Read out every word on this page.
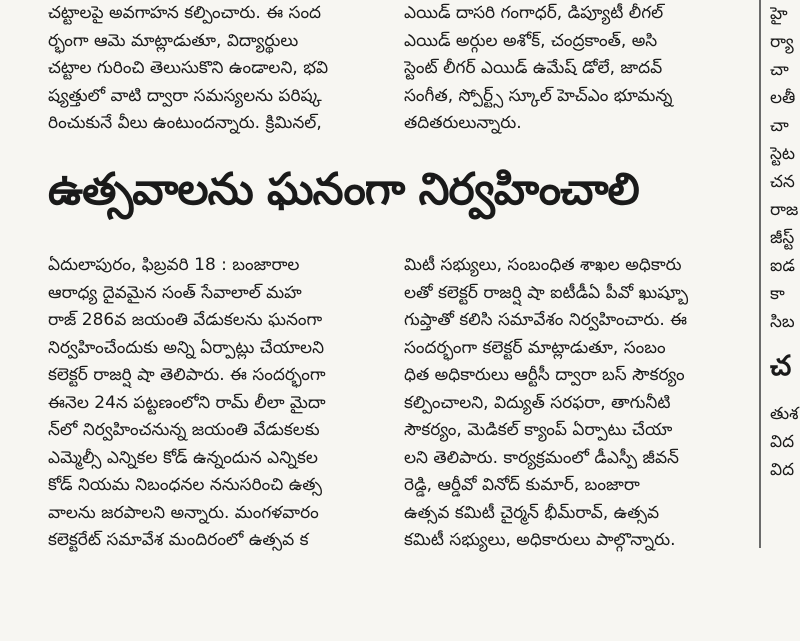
చట్టాలపై అవగాహన కల్పించారు. ఈ సంద

ర్భంగా ఆమె మాట్లాడుతూ, విద్యార్థులు

చట్టాల గురించి తెలుసుకొని ఉండాలని, భవి

ష్యత్తులో వాటి ద్వారా సమస్యలను పరిష్క

రించుకునే వీలు ఉంటుందన్నారు. క్రిమినల్,

ఎయిడ్ దాసరి గంగాధర్, డిప్యూటీ లీగల్

ఎయిడ్ అర్గుల అశోక్, చంద్రకాంత్, అసి

స్టెంట్ లీగర్ ఎయిడ్ ఉమేష్ డోలే, జాదవ్

సంగీత, స్పోర్ట్స్ స్కూల్ హెచ్ఎం భూమన్న

తదితరులున్నారు.

ఉత్సవాలను ఘనంగా నిర్వహించాలి

ఏదులాపురం, ఫిబ్రవరి 18 : బంజారాల

ఆరాధ్య దైవమైన సంత్ సేవాలాల్ మహ

రాజ్ 286వ జయంతి వేడుకలను ఘనంగా

నిర్వహించేందుకు అన్ని ఏర్పాట్లు చేయాలని

కలెక్టర్ రాజర్షి షా తెలిపారు. ఈ సందర్భంగా

ఈనెల 24న పట్టణంలోని రామ్ లీలా మైదా

న్‌లో నిర్వహించనున్న జయంతి వేడుకలకు

ఎమ్మెల్సీ ఎన్నికల కోడ్ ఉన్నందున ఎన్నికల

కోడ్ నియమ నిబంధనల ననుసరించి ఉత్స

వాలను జరపాలని అన్నారు. మంగళవారం

కలెక్టరేట్ సమావేశ మందిరంలో ఉత్సవ క

మిటీ సభ్యులు, సంబంధిత శాఖల అధికారు

లతో కలెక్టర్ రాజర్షి షా ఐటీడీఏ పీవో ఖుష్బూ

గుప్తాతో కలిసి సమావేశం నిర్వహించారు. ఈ

సందర్భంగా కలెక్టర్ మాట్లాడుతూ, సంబం

ధిత అధికారులు ఆర్టీసీ ద్వారా బస్ సౌకర్యం

కల్పించాలని, విద్యుత్ సరఫరా, తాగునీటి

సౌకర్యం, మెడికల్ క్యాంప్ ఏర్పాటు చేయా

లని తెలిపారు. కార్యక్రమంలో డీఎస్పీ జీవన్

రెడ్డి, ఆర్డీవో వినోద్ కుమార్, బంజారా

ఉత్సవ కమిటీ చైర్మన్ భీమ్‌రావ్, ఉత్సవ

కమిటీ సభ్యులు, అధికారులు పాల్గొన్నారు.

హై

ర్యా

చా

లతీ

చా

స్టెట

చన

రాజ

జీస్ట్

ఐడ

కా

సిబ

చ

తుశ

విద

విద
